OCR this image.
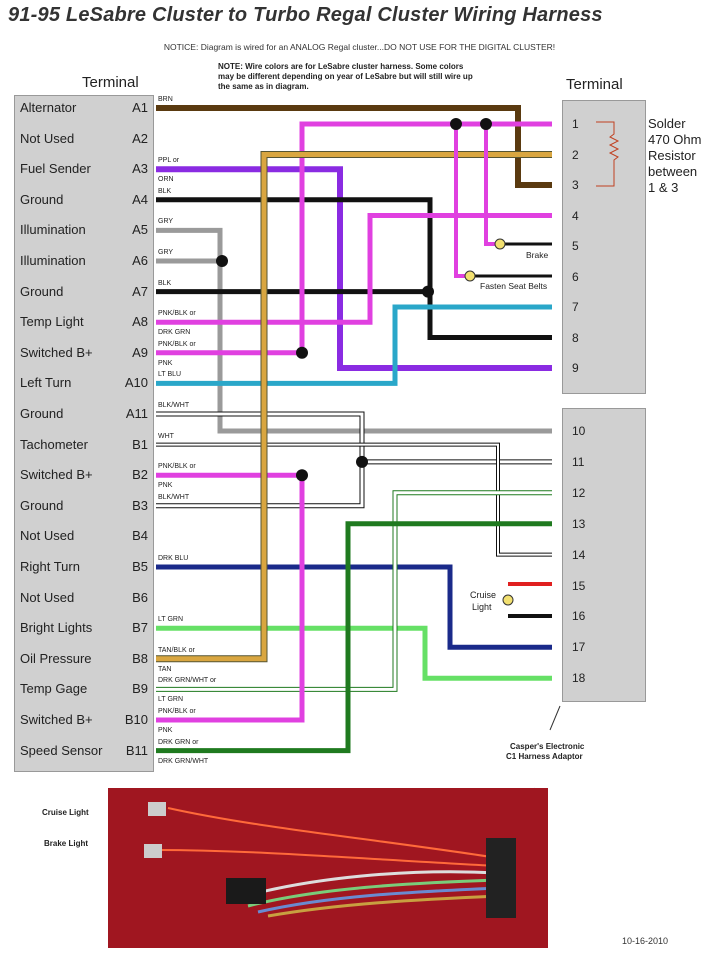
91-95 LeSabre Cluster to Turbo Regal Cluster Wiring Harness
NOTICE: Diagram is wired for an ANALOG Regal cluster...DO NOT USE FOR THE DIGITAL CLUSTER!
NOTE: Wire colors are for LeSabre cluster harness. Some colors may be different depending on year of LeSabre but will still wire up the same as in diagram.
Terminal	Terminal
Alternator	A1
BRN
Not Used	A2
Fuel Sender	A3
PPL or
ORN
Ground	A4
BLK
Illumination	A5
GRY
Illumination	A6
GRY
Ground	A7
BLK
Temp Light	A8
PNK/BLK or
DRK GRN
Switched B+	A9
PNK/BLK or
PNK
Left Turn	A10
LT BLU
Ground	A11
BLK/WHT
Tachometer	B1
WHT
Switched B+	B2
PNK/BLK or
PNK
Ground	B3
BLK/WHT
Not Used	B4
Right Turn	B5
DRK BLU
Not Used	B6
Bright Lights	B7
LT GRN
Oil Pressure	B8
TAN/BLK or
TAN
Temp Gage	B9
DRK GRN/WHT or
LT GRN
Switched B+ B10
PNK/BLK or
PNK
Speed Sensor B11
DRK GRN or
DRK GRN/WHT
1
2
3
4
5
6
7
8
9
10
11
12
13
14
15
16
17
18
Solder
470 Ohm
Resistor
between
1 & 3
Brake
Fasten Seat Belts
Cruise
Light
Casper's Electronic
C1 Harness Adaptor
Cruise Light
Brake Light
10-16-2010
